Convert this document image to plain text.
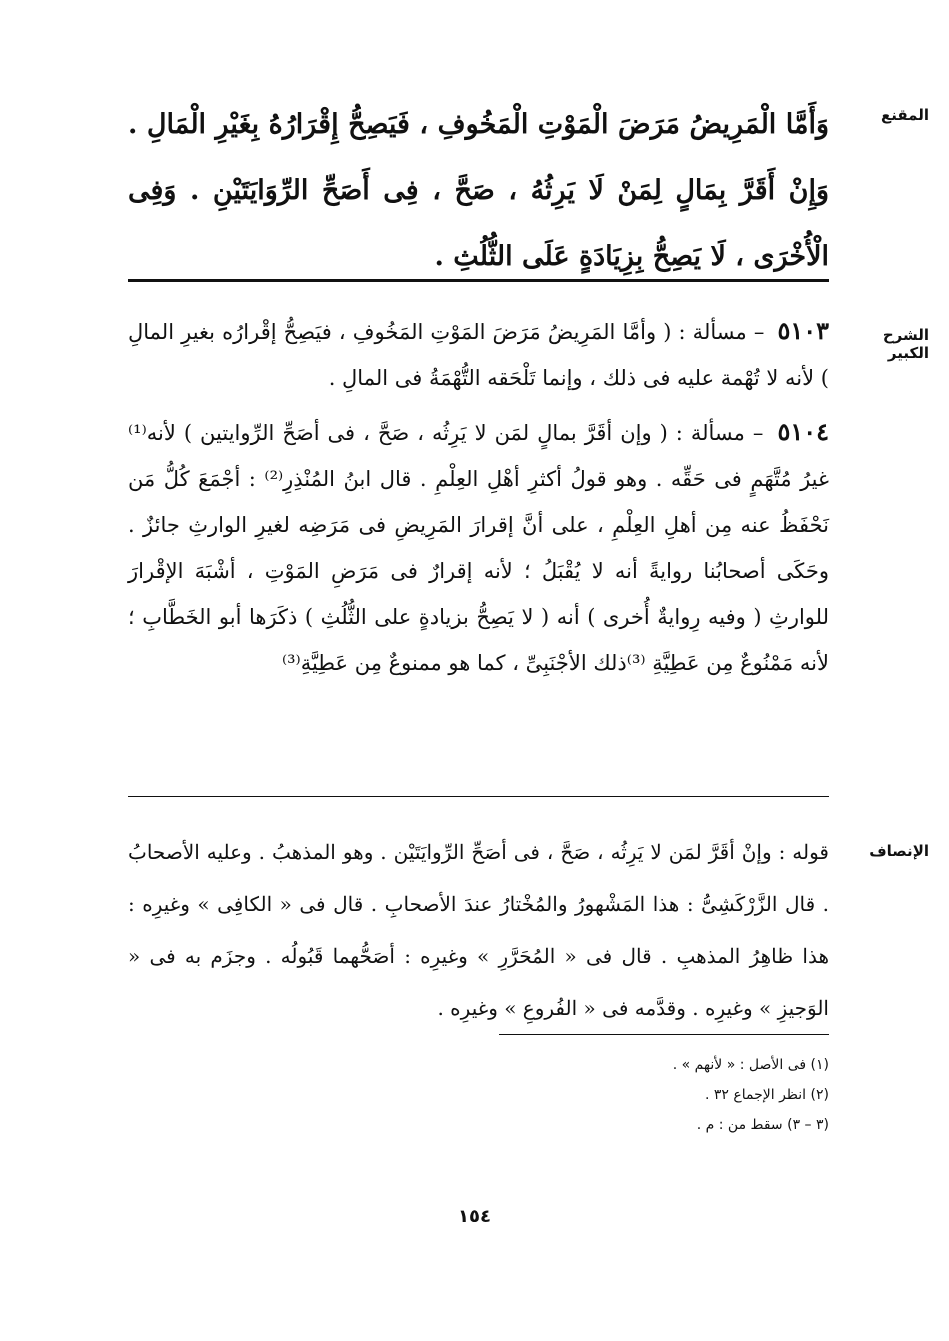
المقنع
وَأَمَّا الْمَرِيضُ مَرَضَ الْمَوْتِ الْمَخُوفِ ، فَيَصِحُّ إِقْرَارُهُ بِغَيْرِ الْمَالِ . وَإِنْ أَقَرَّ بِمَالٍ لِمَنْ لَا يَرِثُهُ ، صَحَّ ، فِى أَصَحِّ الرِّوَايَتَيْنِ . وَفِى الْأُخْرَى ، لَا يَصِحُّ بِزِيَادَةٍ عَلَى الثُّلُثِ .
الشرح الكبير

٥١٠٣ – مسألة : ( وأمَّا المَرِيضُ مَرَضَ المَوْتِ المَخُوفِ ، فيَصِحُّ إقْرارُه بغيرِ المالِ ) لأنه لا تُهْمة عليه فى ذلك ، وإنما تَلْحَقه التُّهْمَةُ فى المالِ .

٥١٠٤ – مسألة : ( وإن أقَرَّ بمالٍ لمَن لا يَرِثُه ، صَحَّ ، فى أصَحِّ الرِّوايتين ) لأنه⁽¹⁾ غيرُ مُتَّهَمٍ فى حَقِّه . وهو قولُ أكثرِ أهْلِ العِلْمِ . قال ابنُ المُنْذِرِ⁽²⁾ : أجْمَعَ كُلُّ مَن نَحْفَظُ عنه مِن أهلِ العِلْمِ ، على أنَّ إقرارَ المَرِيضِ فى مَرَضِه لغيرِ الوارثِ جائزٌ . وحَكَى أصحابُنا روايةً أنه لا يُقْبَلُ ؛ لأنه إقرارٌ فى مَرَضِ المَوْتِ ، أشْبَهَ الإقْرارَ للوارثِ ( وفيه رِوايةٌ أُخرى ) أنه ( لا يَصِحُّ بزيادةٍ على الثُّلُثِ ) ذكَرَها أبو الخَطَّابِ ؛ لأنه مَمْنُوعٌ مِن عَطِيَّةِ ⁽³⁾ذلك الأجْنَبِىِّ ، كما هو ممنوعٌ مِن عَطِيَّةِ⁽³⁾

الإنصاف
قوله : وإنْ أقَرَّ لمَن لا يَرِثُه ، صَحَّ ، فى أصَحِّ الرِّوايَتَيْن . وهو المذهبُ . وعليه الأصحابُ . قال الزَّرْكَشِىُّ : هذا المَشْهورُ والمُخْتارُ عندَ الأصحابِ . قال فى « الكافِى » وغيرِه : هذا ظاهِرُ المذهبِ . قال فى « المُحَرَّرِ » وغيرِه : أصَحُّهما قَبُولُه . وجزَم به فى « الوَجيزِ » وغيرِه . وقدَّمه فى « الفُروعِ » وغيرِه .
(١) فى الأصل : « لأنهم » .
(٢) انظر الإجماع ٣٢ .
(٣ – ٣) سقط من : م .
١٥٤
